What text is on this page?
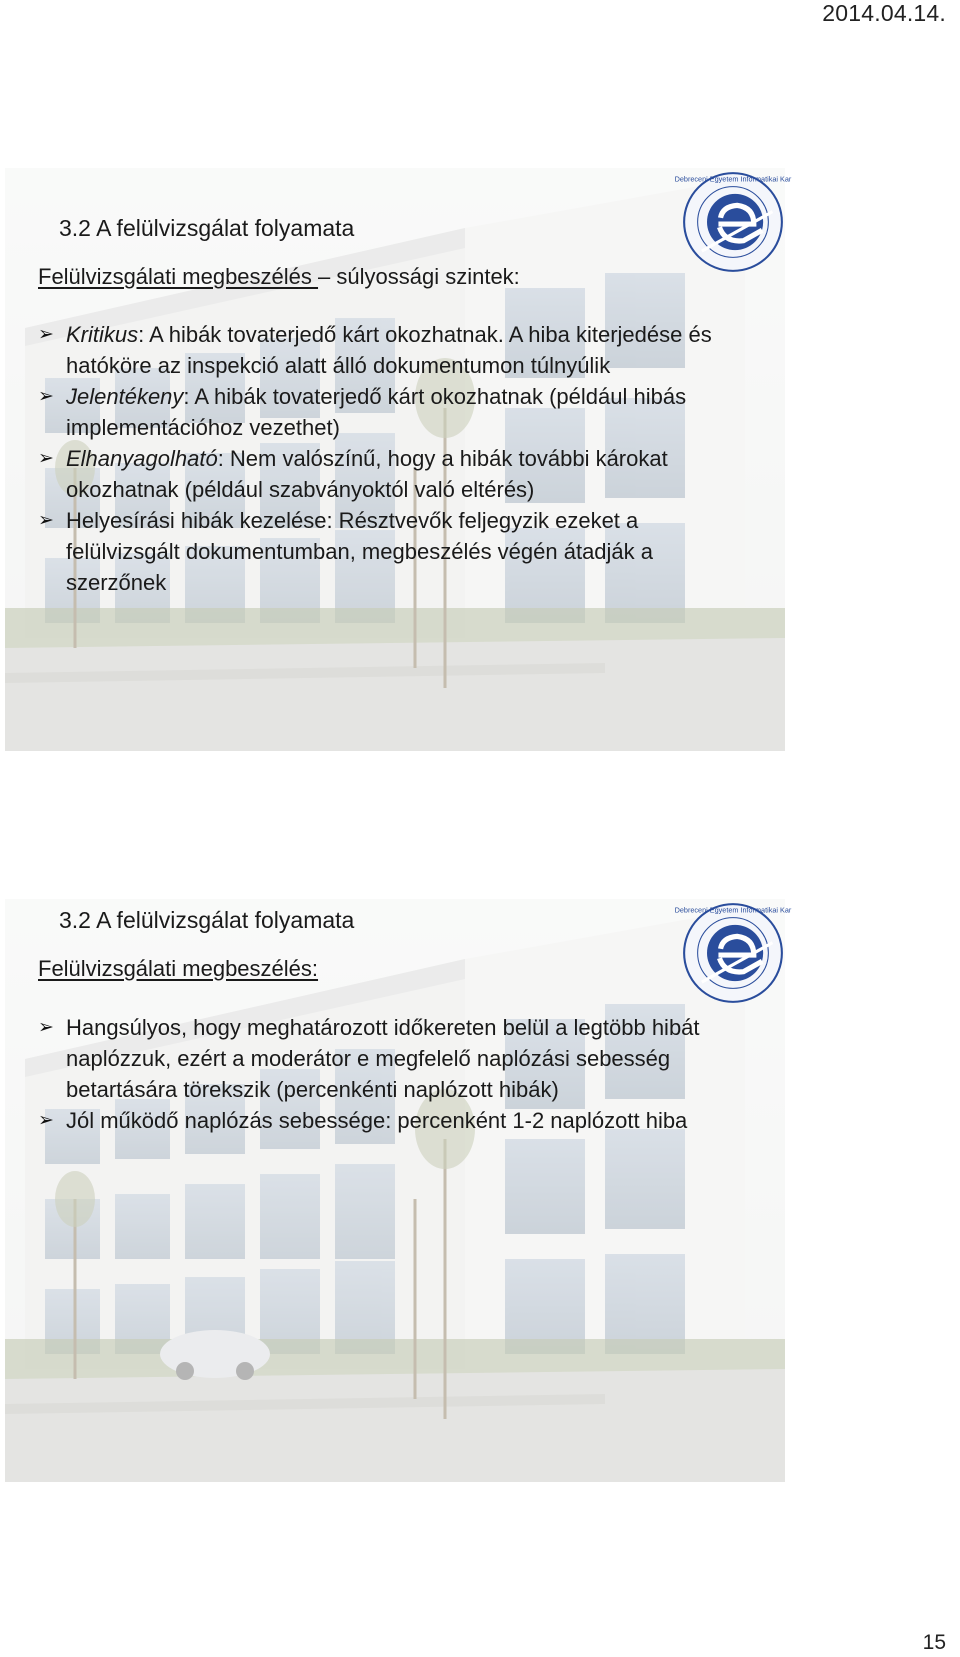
2014.04.14.
Debreceni Egyetem Informatikai Kar
3.2 A felülvizsgálat folyamata
Felülvizsgálati megbeszélés – súlyossági szintek:
➢ Kritikus: A hibák tovaterjedő kárt okozhatnak. A hiba kiterjedése és hatóköre az inspekció alatt álló dokumentumon túlnyúlik
➢ Jelentékeny: A hibák tovaterjedő kárt okozhatnak (például hibás implementációhoz vezethet)
➢ Elhanyagolható: Nem valószínű, hogy a hibák további károkat okozhatnak (például szabványoktól való eltérés)
➢ Helyesírási hibák kezelése: Résztvevők feljegyzik ezeket a felülvizsgált dokumentumban, megbeszélés végén átadják a szerzőnek
Debreceni Egyetem Informatikai Kar
3.2 A felülvizsgálat folyamata
Felülvizsgálati megbeszélés:
➢ Hangsúlyos, hogy meghatározott időkereten belül a legtöbb hibát naplózzuk, ezért a moderátor e megfelelő naplózási sebesség betartására törekszik (percenkénti naplózott hibák)
➢ Jól működő naplózás sebessége: percenként 1-2 naplózott hiba
15
